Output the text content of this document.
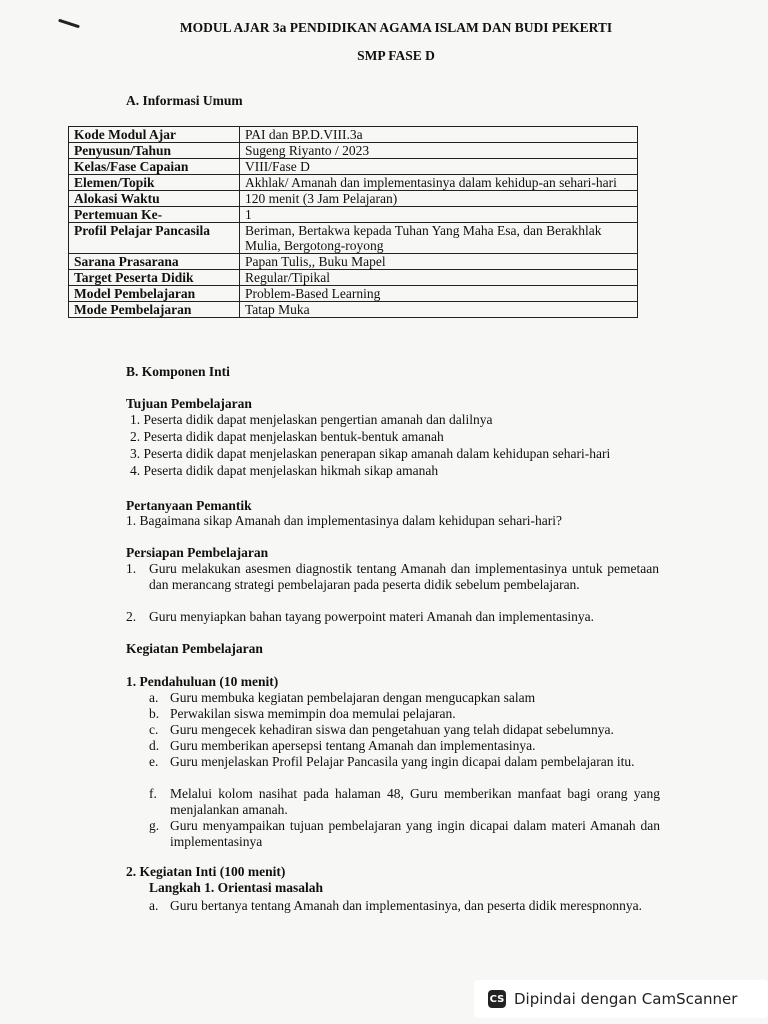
MODUL AJAR 3a PENDIDIKAN AGAMA ISLAM DAN BUDI PEKERTI
SMP FASE D
A. Informasi Umum
Kode Modul Ajar	PAI dan BP.D.VIII.3a
Penyusun/Tahun	Sugeng Riyanto / 2023
Kelas/Fase Capaian	VIII/Fase D
Elemen/Topik	Akhlak/ Amanah dan implementasinya dalam kehidup-an sehari-hari
Alokasi Waktu	120 menit (3 Jam Pelajaran)
Pertemuan Ke-	1
Profil Pelajar Pancasila	Beriman, Bertakwa kepada Tuhan Yang Maha Esa, dan Berakhlak Mulia, Bergotong-royong
Sarana Prasarana	Papan Tulis,, Buku Mapel
Target Peserta Didik	Regular/Tipikal
Model Pembelajaran	Problem-Based Learning
Mode Pembelajaran	Tatap Muka
B. Komponen Inti
Tujuan Pembelajaran
1. Peserta didik dapat menjelaskan pengertian amanah dan dalilnya
2. Peserta didik dapat menjelaskan bentuk-bentuk amanah
3. Peserta didik dapat menjelaskan penerapan sikap amanah dalam kehidupan sehari-hari
4. Peserta didik dapat menjelaskan hikmah sikap amanah
Pertanyaan Pemantik
1. Bagaimana sikap Amanah dan implementasinya dalam kehidupan sehari-hari?
Persiapan Pembelajaran
1. Guru melakukan asesmen diagnostik tentang Amanah dan implementasinya untuk pemetaan dan merancang strategi pembelajaran pada peserta didik sebelum pembelajaran.
2. Guru menyiapkan bahan tayang powerpoint materi Amanah dan implementasinya.
Kegiatan Pembelajaran
1. Pendahuluan (10 menit)
a. Guru membuka kegiatan pembelajaran dengan mengucapkan salam
b. Perwakilan siswa memimpin doa memulai pelajaran.
c. Guru mengecek kehadiran siswa dan pengetahuan yang telah didapat sebelumnya.
d. Guru memberikan apersepsi tentang Amanah dan implementasinya.
e. Guru menjelaskan Profil Pelajar Pancasila yang ingin dicapai dalam pembelajaran itu.
f. Melalui kolom nasihat pada halaman 48, Guru memberikan manfaat bagi orang yang menjalankan amanah.
g. Guru menyampaikan tujuan pembelajaran yang ingin dicapai dalam materi Amanah dan implementasinya
2. Kegiatan Inti (100 menit)
Langkah 1. Orientasi masalah
a. Guru bertanya tentang Amanah dan implementasinya, dan peserta didik merespnonnya.
CS Dipindai dengan CamScanner
